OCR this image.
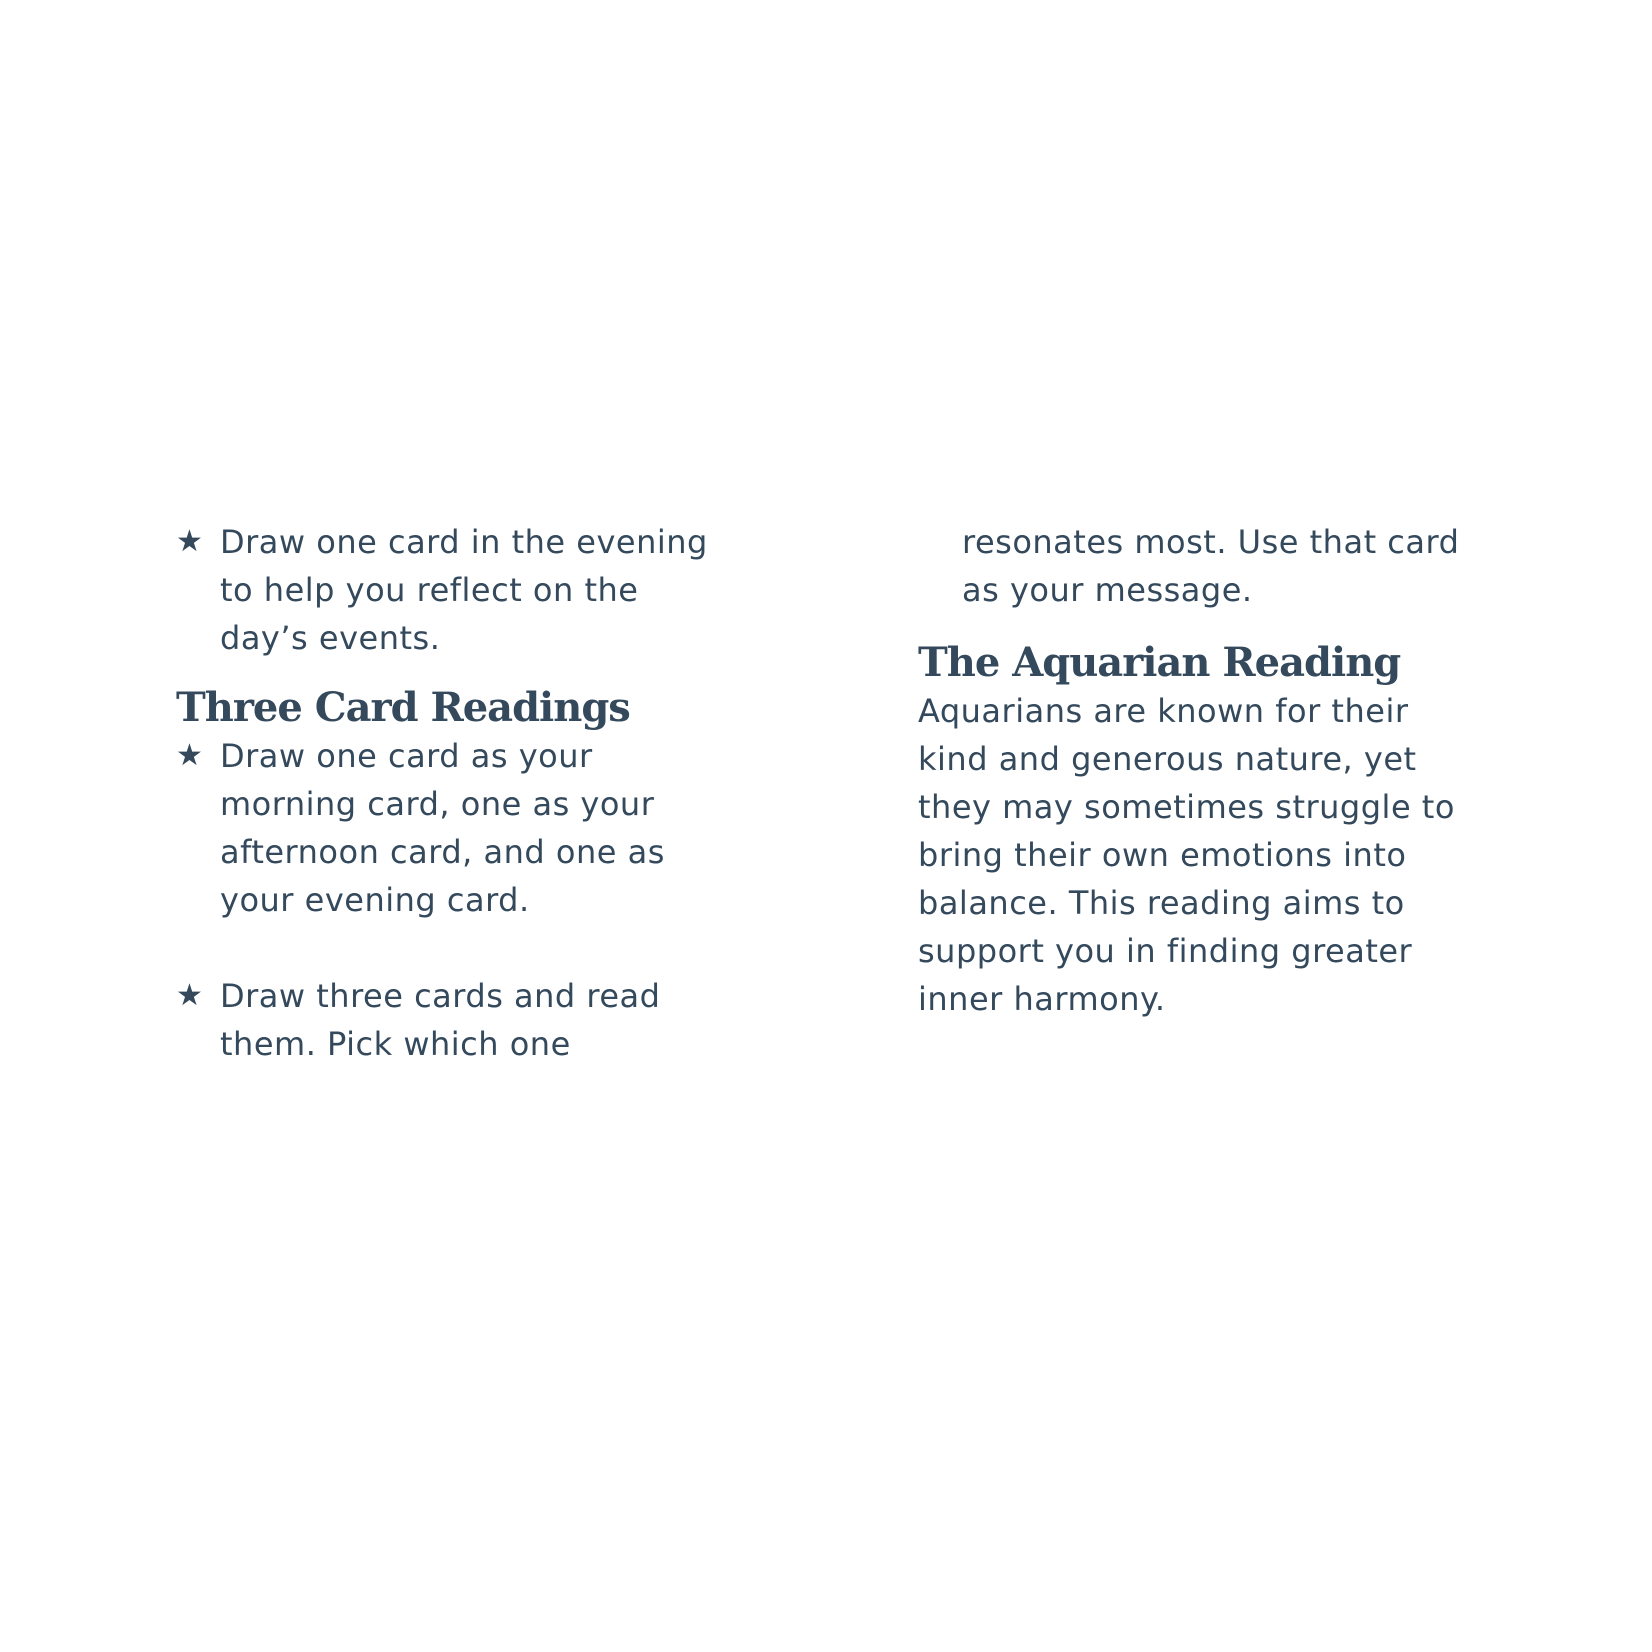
★ Draw one card in the evening
to help you reflect on the
day’s events.
Three Card Readings
★ Draw one card as your
morning card, one as your
afternoon card, and one as
your evening card.
★ Draw three cards and read
them. Pick which one
resonates most. Use that card
as your message.
The Aquarian Reading
Aquarians are known for their
kind and generous nature, yet
they may sometimes struggle to
bring their own emotions into
balance. This reading aims to
support you in finding greater
inner harmony.
